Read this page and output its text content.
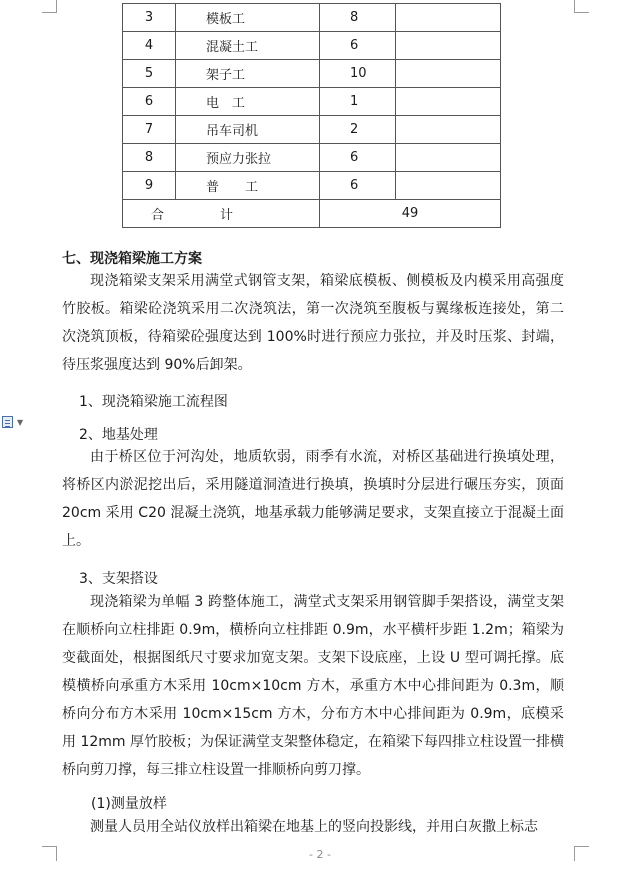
3	模板工	8	
4	混凝土工	6	
5	架子工	10	
6	电　工	1	
7	吊车司机	2	
8	预应力张拉	6	
9	普　　工	6	
合 计		49	
七、现浇箱梁施工方案

现浇箱梁支架采用满堂式钢管支架，箱梁底模板、侧模板及内模采用高强度竹胶板。箱梁砼浇筑采用二次浇筑法，第一次浇筑至腹板与翼缘板连接处，第二次浇筑顶板，待箱梁砼强度达到 100%时进行预应力张拉，并及时压浆、封端，待压浆强度达到 90%后卸架。

1、现浇箱梁施工流程图
2、地基处理

由于桥区位于河沟处，地质软弱，雨季有水流，对桥区基础进行换填处理，将桥区内淤泥挖出后，采用隧道洞渣进行换填，换填时分层进行碾压夯实，顶面 20cm 采用 C20 混凝土浇筑，地基承载力能够满足要求，支架直接立于混凝土面上。

3、支架搭设

现浇箱梁为单幅 3 跨整体施工，满堂式支架采用钢管脚手架搭设，满堂支架在顺桥向立柱排距 0.9m，横桥向立柱排距 0.9m，水平横杆步距 1.2m；箱梁为变截面处，根据图纸尺寸要求加宽支架。支架下设底座，上设 U 型可调托撑。底模横桥向承重方木采用 10cm×10cm 方木，承重方木中心排间距为 0.3m，顺桥向分布方木采用 10cm×15cm 方木，分布方木中心排间距为 0.9m，底模采用 12mm 厚竹胶板；为保证满堂支架整体稳定，在箱梁下每四排立柱设置一排横桥向剪刀撑，每三排立柱设置一排顺桥向剪刀撑。

(1)测量放样

测量人员用全站仪放样出箱梁在地基上的竖向投影线，并用白灰撒上标志

▼
- 2 -
